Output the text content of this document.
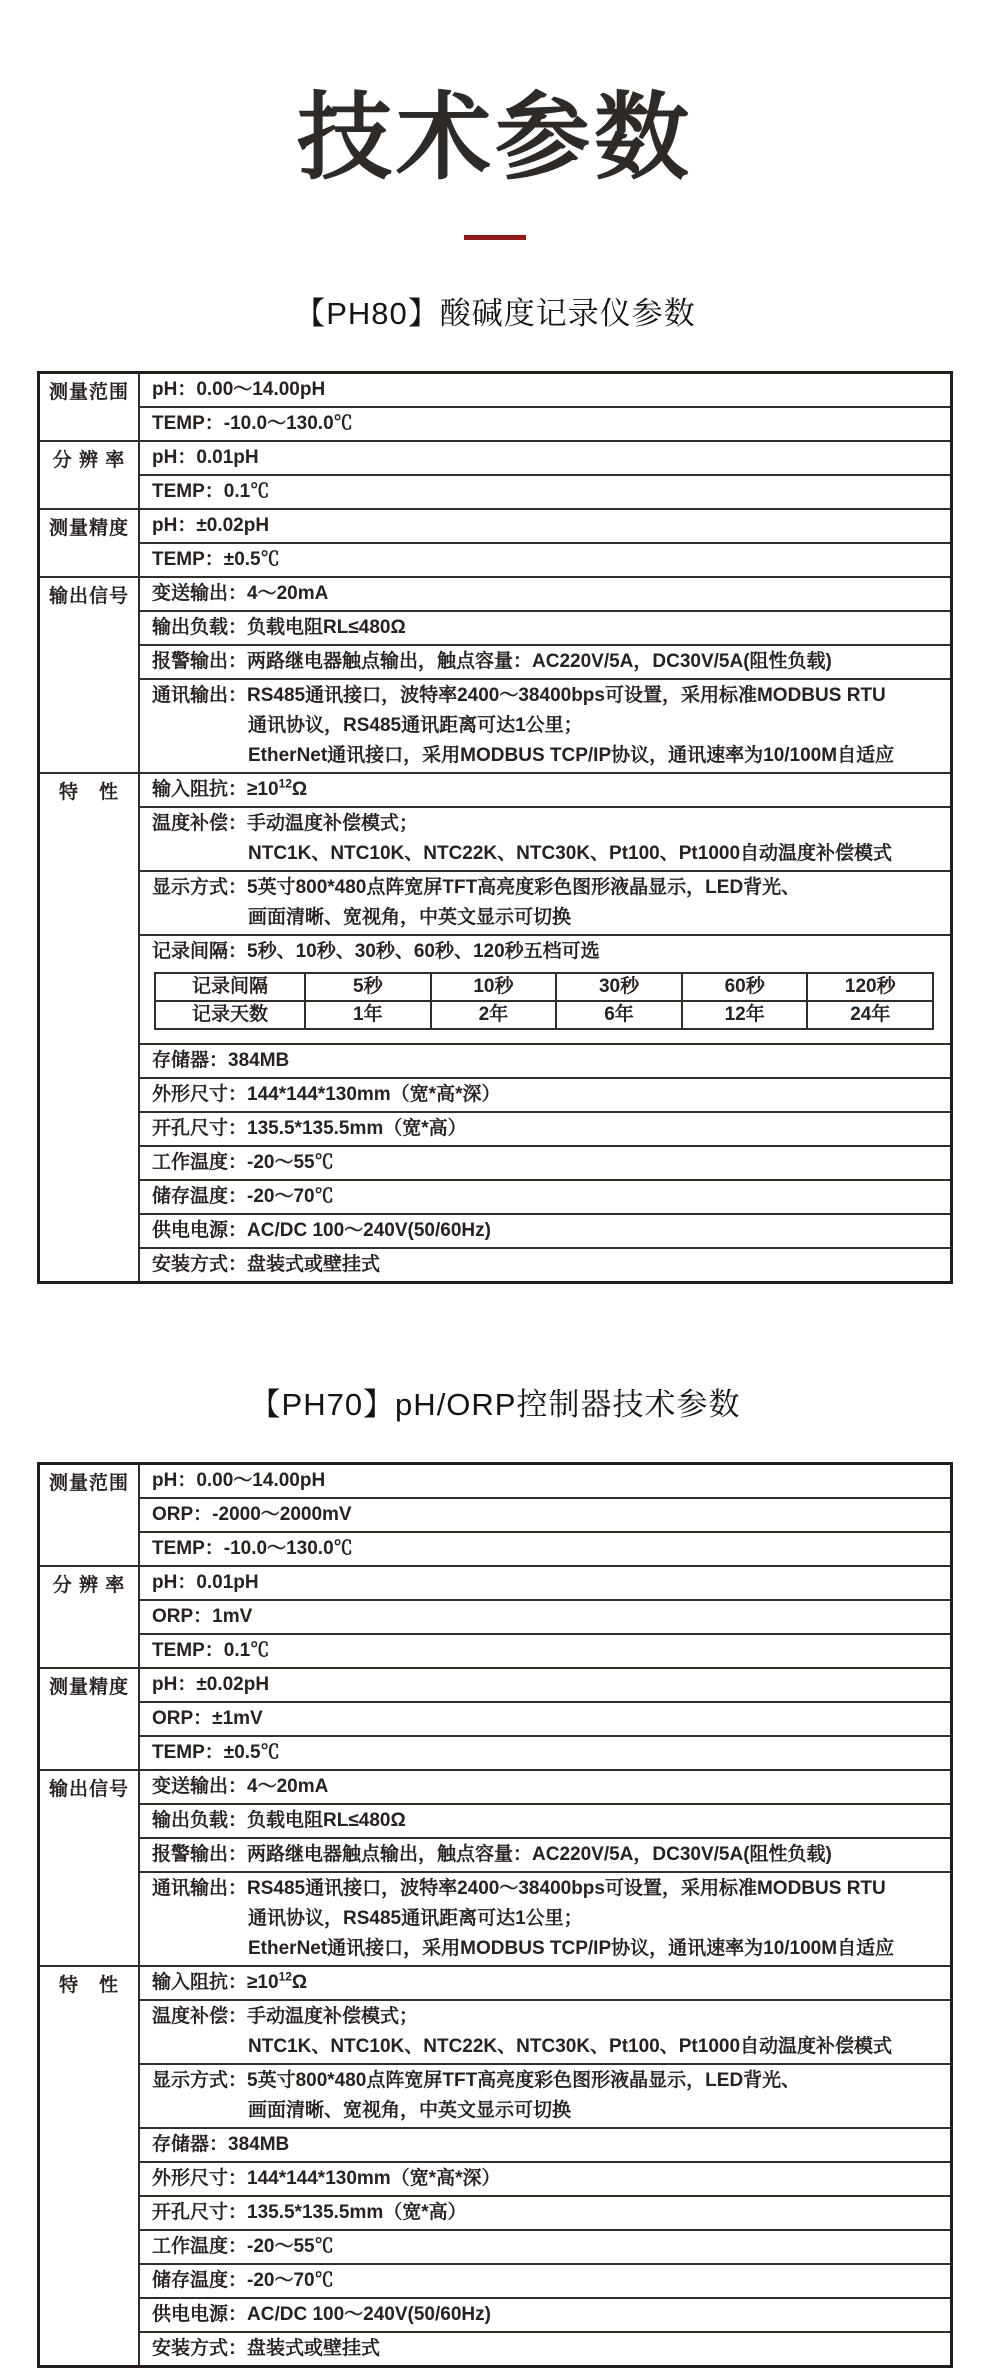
技术参数
【PH80】酸碱度记录仪参数
测量范围	pH：0.00～14.00pH

TEMP：-10.0～130.0℃

分 辨 率	pH：0.01pH

TEMP：0.1℃

测量精度	pH：±0.02pH

TEMP：±0.5℃

输出信号	变送输出：4～20mA

输出负载：负载电阻RL≤480Ω

报警输出：两路继电器触点输出，触点容量：AC220V/5A，DC30V/5A(阻性负载)

通讯输出：RS485通讯接口，波特率2400～38400bps可设置，采用标准MODBUS RTU
通讯协议，RS485通讯距离可达1公里；
EtherNet通讯接口，采用MODBUS TCP/IP协议，通讯速率为10/100M自适应

特　性	输入阻抗：$\ge 10^{12}\Omega$

温度补偿：手动温度补偿模式；
NTC1K、NTC10K、NTC22K、NTC30K、Pt100、Pt1000自动温度补偿模式

显示方式：5英寸800*480点阵宽屏TFT高亮度彩色图形液晶显示，LED背光、
画面清晰、宽视角，中英文显示可切换

记录间隔：5秒、10秒、30秒、60秒、120秒五档可选
记录间隔	5秒	10秒	30秒	60秒	120秒
记录天数	1年	2年	6年	12年	24年

存储器：384MB

外形尺寸：144*144*130mm（宽*高*深）

开孔尺寸：135.5*135.5mm（宽*高）

工作温度：-20～55℃

储存温度：-20～70℃

供电电源：AC/DC 100～240V(50/60Hz)

安装方式：盘装式或壁挂式
【PH70】pH/ORP控制器技术参数
测量范围	pH：0.00～14.00pH

	ORP：-2000～2000mV

	TEMP：-10.0～130.0℃

分 辨 率	pH：0.01pH

	ORP：1mV

	TEMP：0.1℃

测量精度	pH：±0.02pH

	ORP：±1mV

	TEMP：±0.5℃

输出信号	变送输出：4～20mA

	输出负载：负载电阻RL≤480Ω

	报警输出：两路继电器触点输出，触点容量：AC220V/5A，DC30V/5A(阻性负载)

	通讯输出：RS485通讯接口，波特率2400～38400bps可设置，采用标准MODBUS RTU
通讯协议，RS485通讯距离可达1公里；
EtherNet通讯接口，采用MODBUS TCP/IP协议，通讯速率为10/100M自适应

特　性	输入阻抗：$\ge 10^{12}\Omega$

	温度补偿：手动温度补偿模式；
NTC1K、NTC10K、NTC22K、NTC30K、Pt100、Pt1000自动温度补偿模式

	显示方式：5英寸800*480点阵宽屏TFT高亮度彩色图形液晶显示，LED背光、
画面清晰、宽视角，中英文显示可切换

	存储器：384MB

	外形尺寸：144*144*130mm（宽*高*深）

	开孔尺寸：135.5*135.5mm（宽*高）

	工作温度：-20～55℃

	储存温度：-20～70℃

	供电电源：AC/DC 100～240V(50/60Hz)

	安装方式：盘装式或壁挂式
